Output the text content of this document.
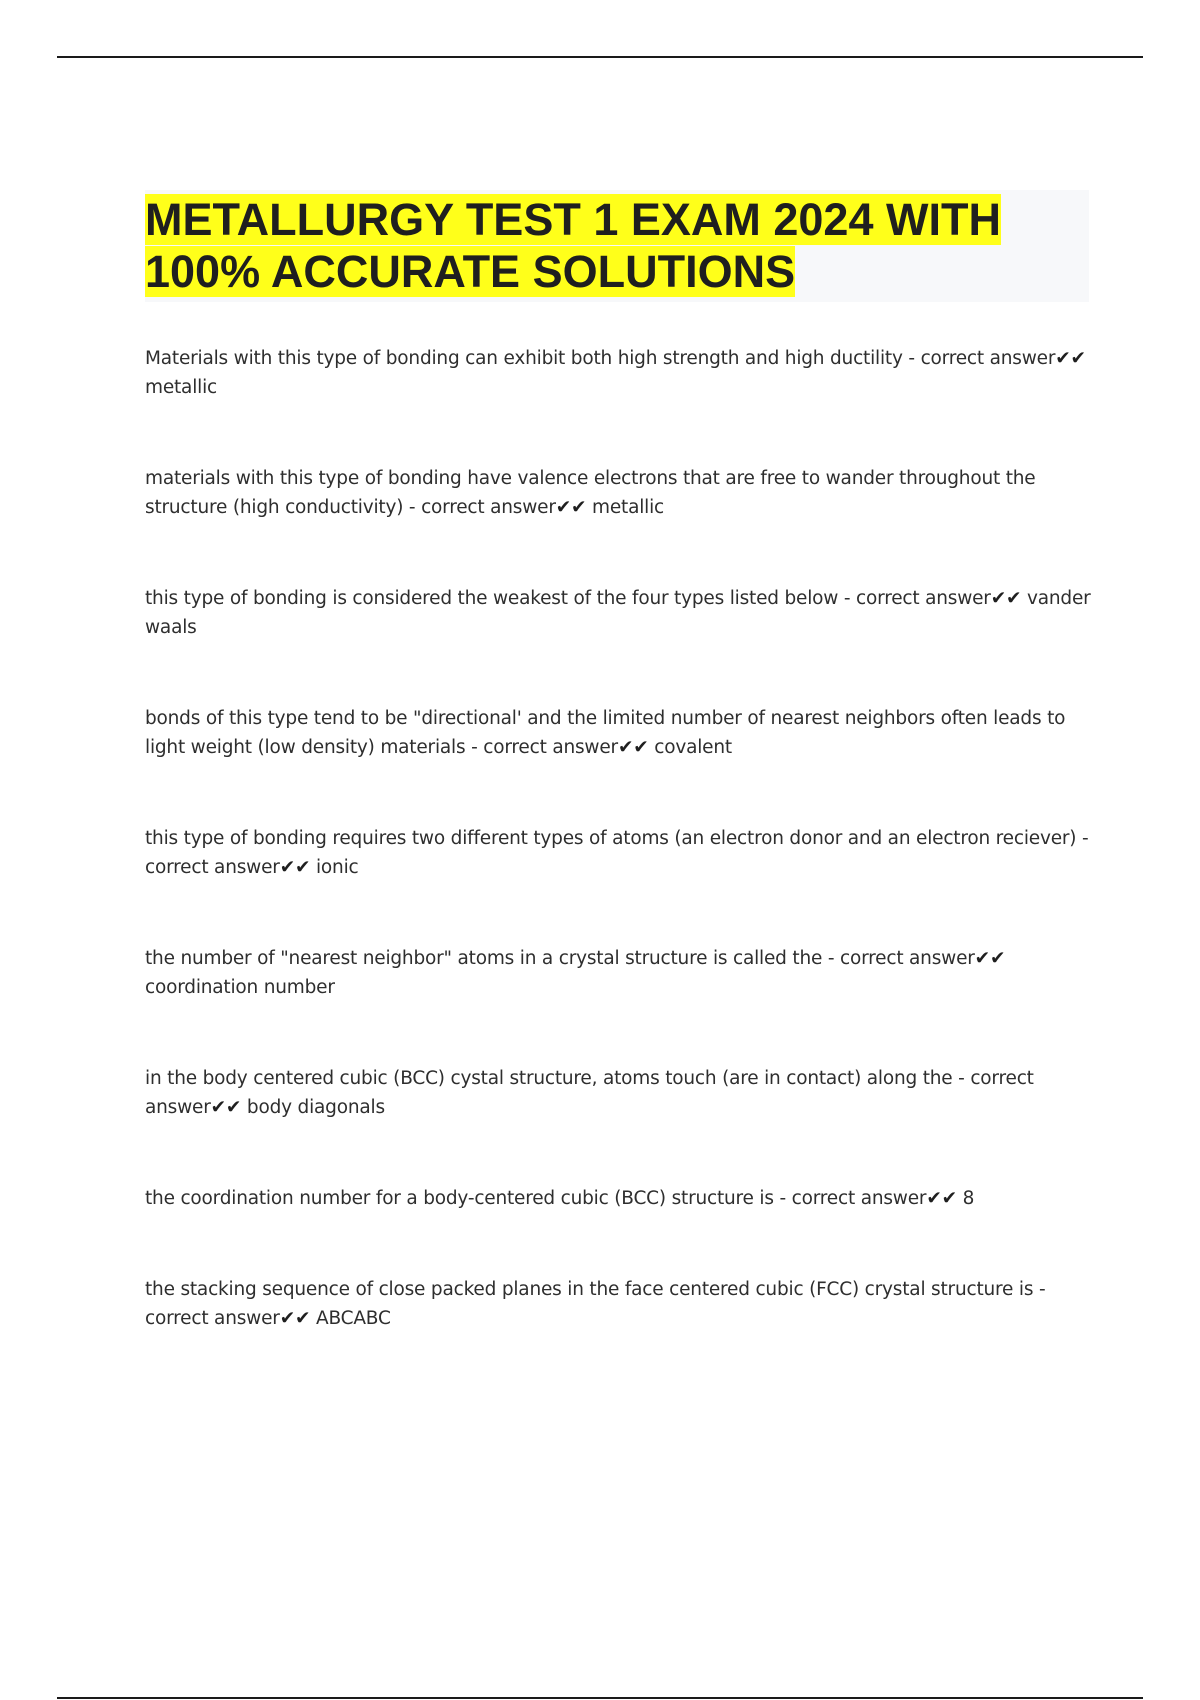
METALLURGY TEST 1 EXAM 2024 WITH 100% ACCURATE SOLUTIONS
Materials with this type of bonding can exhibit both high strength and high ductility - correct answer✔✔ metallic
materials with this type of bonding have valence electrons that are free to wander throughout the structure (high conductivity) - correct answer✔✔ metallic
this type of bonding is considered the weakest of the four types listed below - correct answer✔✔ vander waals
bonds of this type tend to be "directional' and the limited number of nearest neighbors often leads to light weight (low density) materials - correct answer✔✔ covalent
this type of bonding requires two different types of atoms (an electron donor and an electron reciever) - correct answer✔✔ ionic
the number of "nearest neighbor" atoms in a crystal structure is called the - correct answer✔✔ coordination number
in the body centered cubic (BCC) cystal structure, atoms touch (are in contact) along the - correct answer✔✔ body diagonals
the coordination number for a body-centered cubic (BCC) structure is - correct answer✔✔ 8
the stacking sequence of close packed planes in the face centered cubic (FCC) crystal structure is - correct answer✔✔ ABCABC
